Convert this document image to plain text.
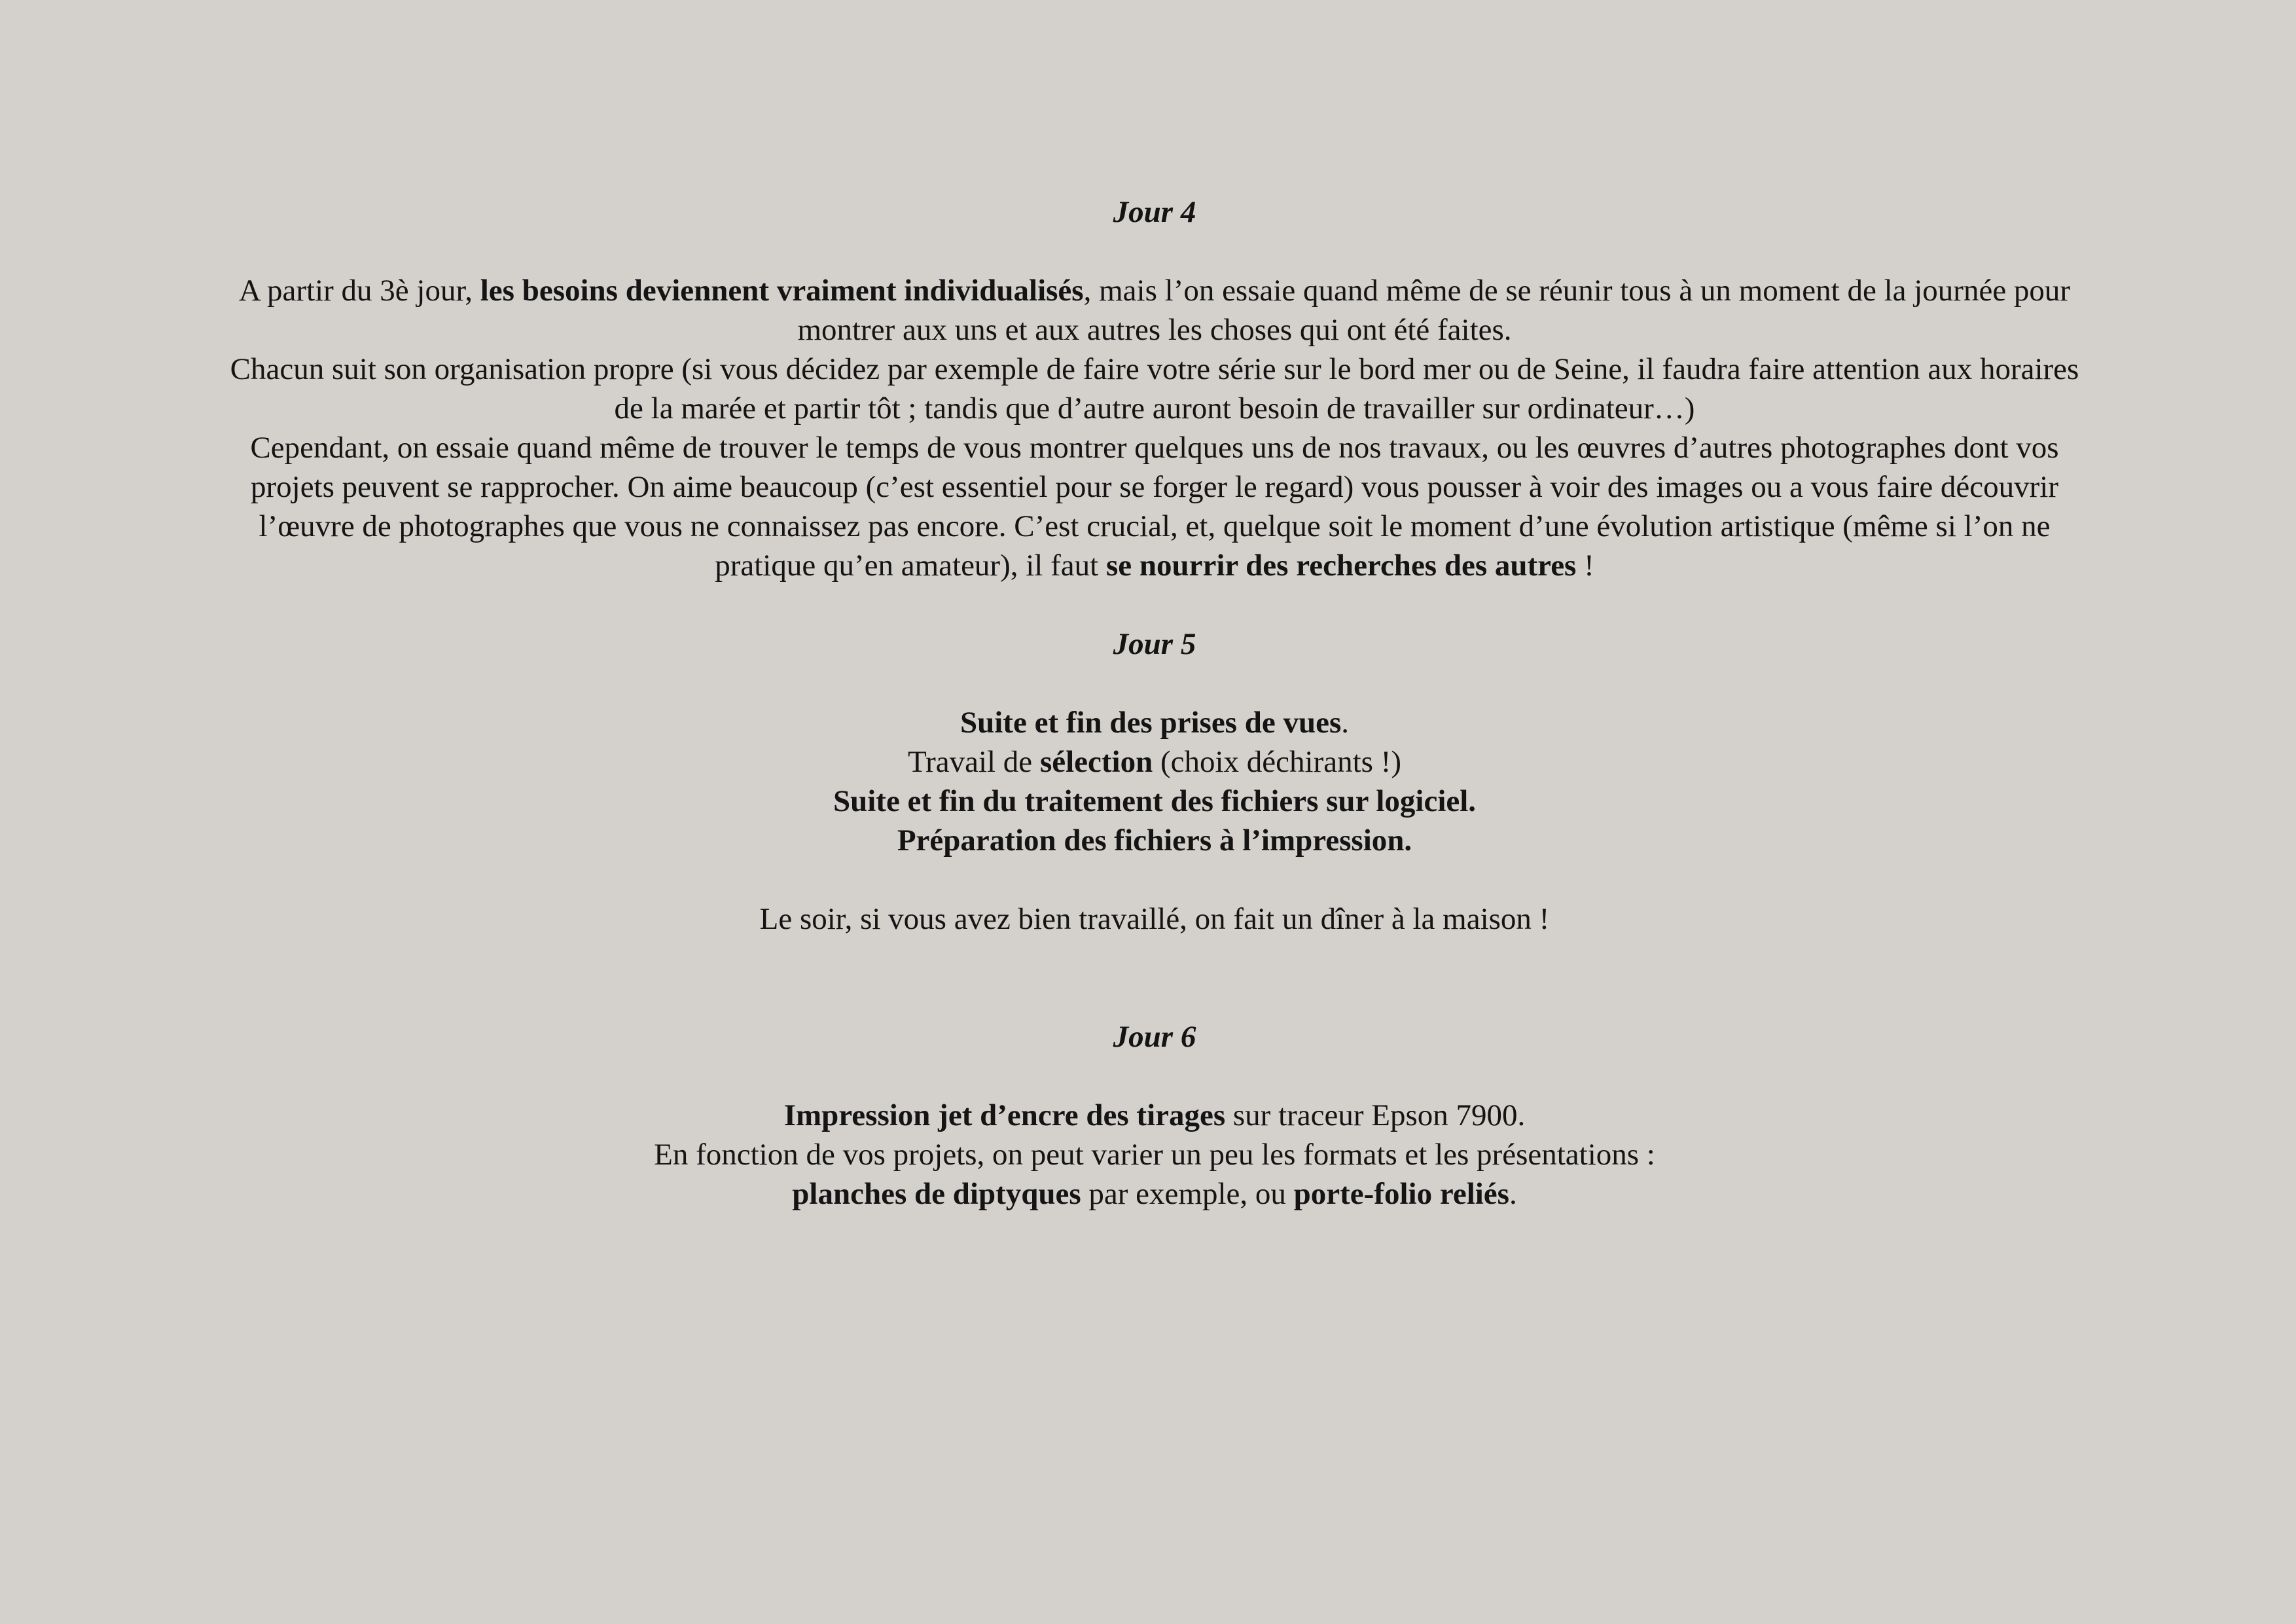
Jour 4

A partir du 3è jour, les besoins deviennent vraiment individualisés, mais l’on essaie quand même de se réunir tous à un moment de la journée pour montrer aux uns et aux autres les choses qui ont été faites.

Chacun suit son organisation propre (si vous décidez par exemple de faire votre série sur le bord mer ou de Seine, il faudra faire attention aux horaires de la marée et partir tôt ; tandis que d’autre auront besoin de travailler sur ordinateur…)

Cependant, on essaie quand même de trouver le temps de vous montrer quelques uns de nos travaux, ou les œuvres d’autres photographes dont vos projets peuvent se rapprocher. On aime beaucoup (c’est essentiel pour se forger le regard) vous pousser à voir des images ou a vous faire découvrir l’œuvre de photographes que vous ne connaissez pas encore. C’est crucial, et, quelque soit le moment d’une évolution artistique (même si l’on ne pratique qu’en amateur), il faut se nourrir des recherches des autres !

Jour 5

Suite et fin des prises de vues.

Travail de sélection (choix déchirants !)

Suite et fin du traitement des fichiers sur logiciel.

Préparation des fichiers à l’impression.

Le soir, si vous avez bien travaillé, on fait un dîner à la maison !

Jour 6

Impression jet d’encre des tirages sur traceur Epson 7900.

En fonction de vos projets, on peut varier un peu les formats et les présentations :

planches de diptyques par exemple, ou porte-folio reliés.
